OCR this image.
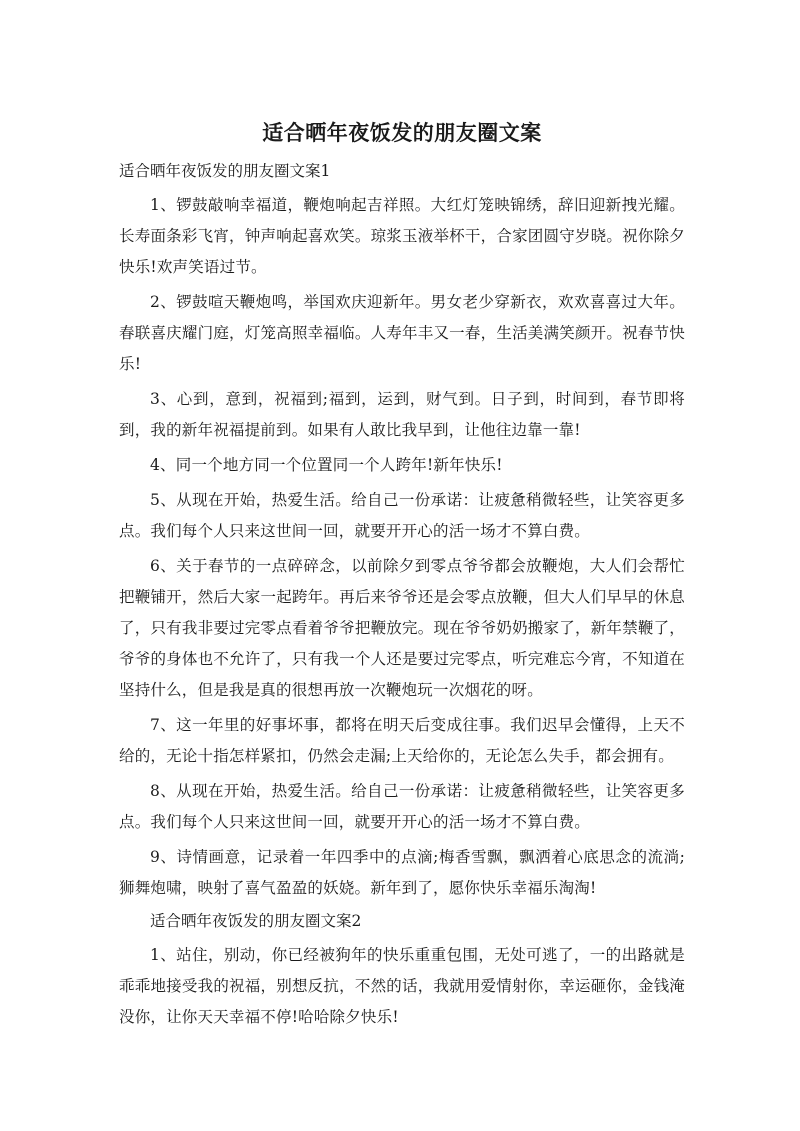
适合晒年夜饭发的朋友圈文案
适合晒年夜饭发的朋友圈文案1

1、锣鼓敲响幸福道，鞭炮响起吉祥照。大红灯笼映锦绣，辞旧迎新拽光耀。长寿面条彩飞宵，钟声响起喜欢笑。琼浆玉液举杯干，合家团圆守岁晓。祝你除夕快乐!欢声笑语过节。

2、锣鼓喧天鞭炮鸣，举国欢庆迎新年。男女老少穿新衣，欢欢喜喜过大年。春联喜庆耀门庭，灯笼高照幸福临。人寿年丰又一春，生活美满笑颜开。祝春节快乐!

3、心到，意到，祝福到;福到，运到，财气到。日子到，时间到，春节即将到，我的新年祝福提前到。如果有人敢比我早到，让他往边靠一靠!

4、同一个地方同一个位置同一个人跨年!新年快乐!

5、从现在开始，热爱生活。给自己一份承诺：让疲惫稍微轻些，让笑容更多点。我们每个人只来这世间一回，就要开开心的活一场才不算白费。

6、关于春节的一点碎碎念，以前除夕到零点爷爷都会放鞭炮，大人们会帮忙把鞭铺开，然后大家一起跨年。再后来爷爷还是会零点放鞭，但大人们早早的休息了，只有我非要过完零点看着爷爷把鞭放完。现在爷爷奶奶搬家了，新年禁鞭了，爷爷的身体也不允许了，只有我一个人还是要过完零点，听完难忘今宵，不知道在坚持什么，但是我是真的很想再放一次鞭炮玩一次烟花的呀。

7、这一年里的好事坏事，都将在明天后变成往事。我们迟早会懂得，上天不给的，无论十指怎样紧扣，仍然会走漏;上天给你的，无论怎么失手，都会拥有。

8、从现在开始，热爱生活。给自己一份承诺：让疲惫稍微轻些，让笑容更多点。我们每个人只来这世间一回，就要开开心的活一场才不算白费。

9、诗情画意，记录着一年四季中的点滴;梅香雪飘，飘洒着心底思念的流淌;狮舞炮啸，映射了喜气盈盈的妖娆。新年到了，愿你快乐幸福乐淘淘!

适合晒年夜饭发的朋友圈文案2

1、站住，别动，你已经被狗年的快乐重重包围，无处可逃了，一的出路就是乖乖地接受我的祝福，别想反抗，不然的话，我就用爱情射你，幸运砸你，金钱淹没你，让你天天幸福不停!哈哈除夕快乐!
